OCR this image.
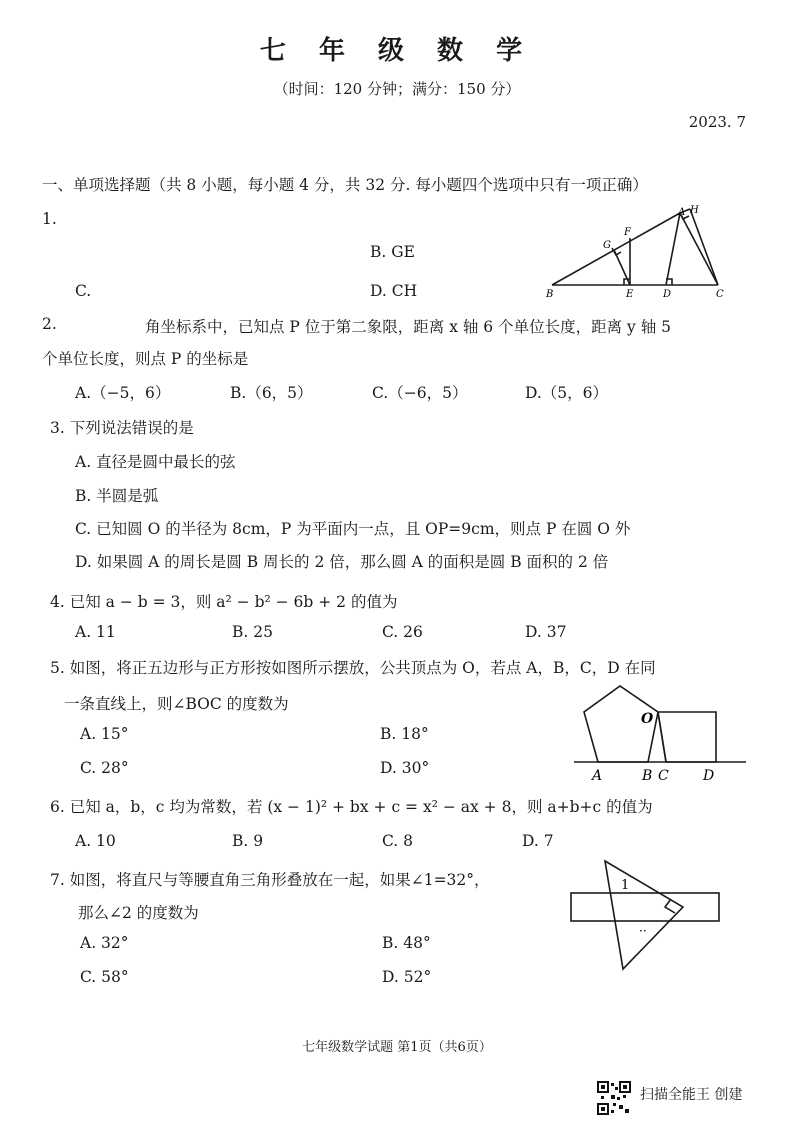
七 年 级 数 学
（时间：120 分钟；满分：150 分）
2023. 7
一、单项选择题（共 8 小题，每小题 4 分，共 32 分. 每小题四个选项中只有一项正确）
1.
B. GE
C.	D. CH
A H
C
F
G
E	D
B
2.	角坐标系中，已知点 P 位于第二象限，距离 x 轴 6 个单位长度，距离 y 轴 5
个单位长度，则点 P 的坐标是
A.（−5，6）	B.（6，5）	C.（−6，5）	D.（5，6）
3. 下列说法错误的是
A. 直径是圆中最长的弦
B. 半圆是弧
C. 已知圆 O 的半径为 8cm，P 为平面内一点，且 OP=9cm，则点 P 在圆 O 外
D. 如果圆 A 的周长是圆 B 周长的 2 倍，那么圆 A 的面积是圆 B 面积的 2 倍
4. 已知 a − b = 3，则 a² − b² − 6b + 2 的值为
A. 11	B. 25	C. 26	D. 37
5. 如图，将正五边形与正方形按如图所示摆放，公共顶点为 O，若点 A，B，C，D 在同
一条直线上，则∠BOC 的度数为
A. 15°	B. 18°
C. 28°	D. 30°
O
A	B C D
6. 已知 a，b，c 均为常数，若 (x − 1)² + bx + c = x² − ax + 8，则 a+b+c 的值为
A. 10	B. 9	C. 8	D. 7
7. 如图，将直尺与等腰直角三角形叠放在一起，如果∠1=32°，
那么∠2 的度数为
A. 32°	B. 48°
C. 58°	D. 52°
1
··
七年级数学试题 第1页（共6页）
扫描全能王 创建
